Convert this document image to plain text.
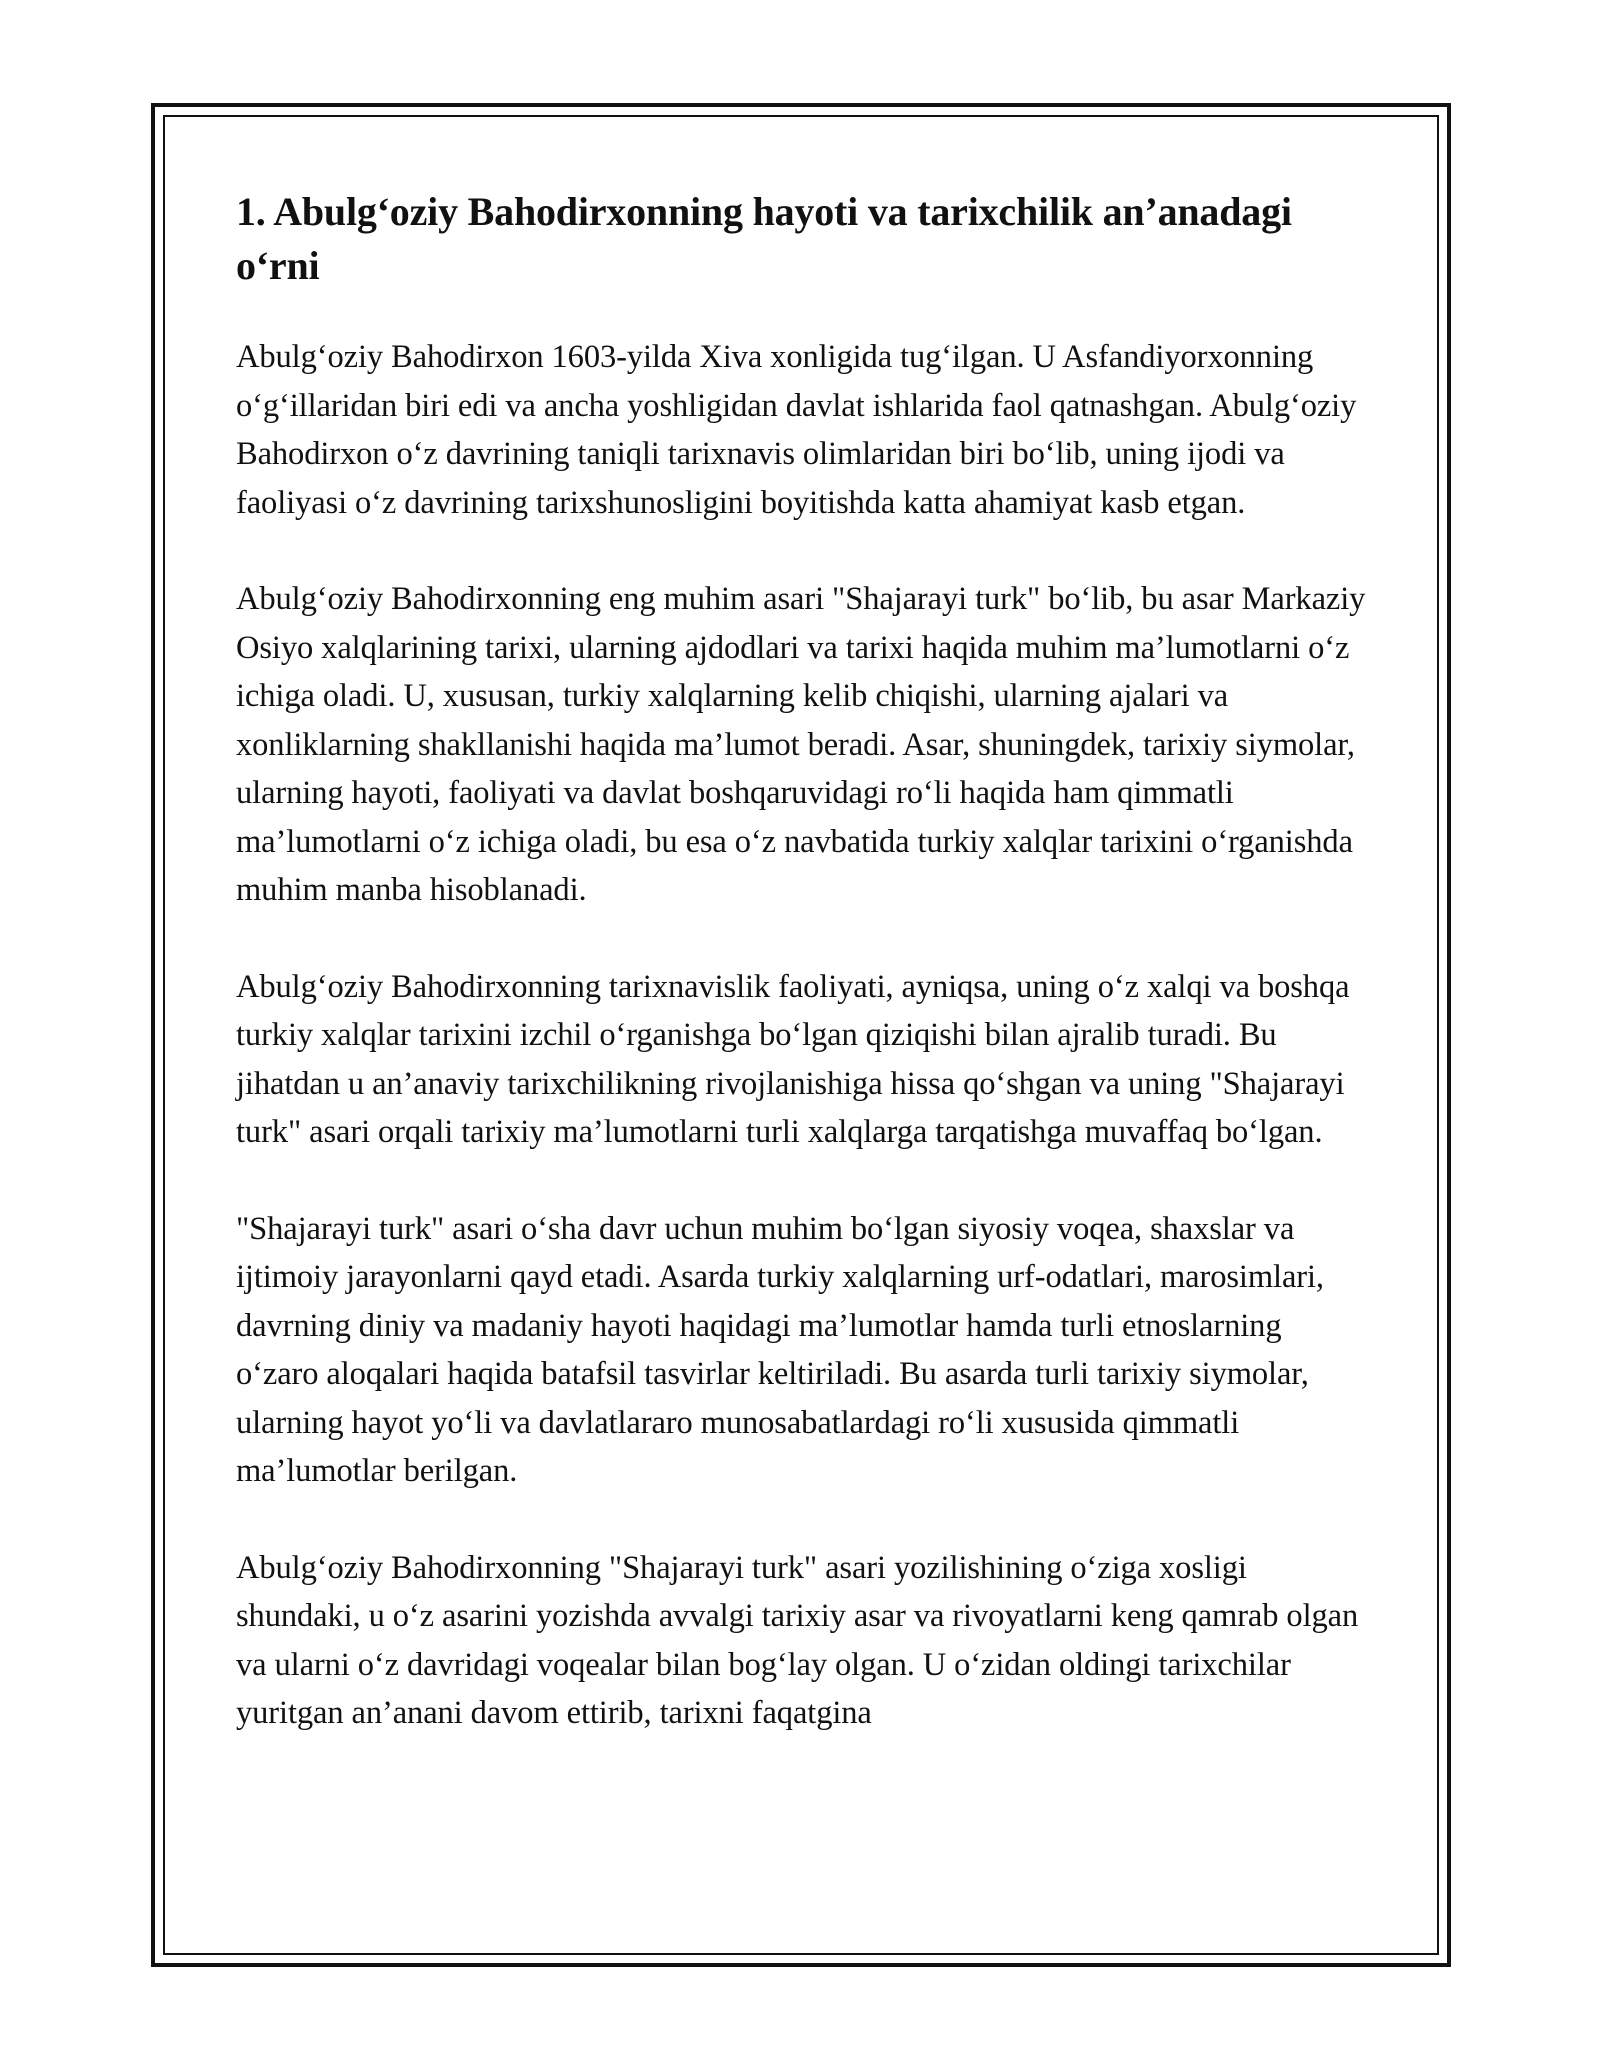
1. Abulg‘oziy Bahodirxonning hayoti va tarixchilik an’anadagi o‘rni

Abulg‘oziy Bahodirxon 1603-yilda Xiva xonligida tug‘ilgan. U Asfandiyorxonning o‘g‘illaridan biri edi va ancha yoshligidan davlat ishlarida faol qatnashgan. Abulg‘oziy Bahodirxon o‘z davrining taniqli tarixnavis olimlaridan biri bo‘lib, uning ijodi va faoliyasi o‘z davrining tarixshunosligini boyitishda katta ahamiyat kasb etgan.

Abulg‘oziy Bahodirxonning eng muhim asari "Shajarayi turk" bo‘lib, bu asar Markaziy Osiyo xalqlarining tarixi, ularning ajdodlari va tarixi haqida muhim ma’lumotlarni o‘z ichiga oladi. U, xususan, turkiy xalqlarning kelib chiqishi, ularning ajalari va xonliklarning shakllanishi haqida ma’lumot beradi. Asar, shuningdek, tarixiy siymolar, ularning hayoti, faoliyati va davlat boshqaruvidagi ro‘li haqida ham qimmatli ma’lumotlarni o‘z ichiga oladi, bu esa o‘z navbatida turkiy xalqlar tarixini o‘rganishda muhim manba hisoblanadi.

Abulg‘oziy Bahodirxonning tarixnavislik faoliyati, ayniqsa, uning o‘z xalqi va boshqa turkiy xalqlar tarixini izchil o‘rganishga bo‘lgan qiziqishi bilan ajralib turadi. Bu jihatdan u an’anaviy tarixchilikning rivojlanishiga hissa qo‘shgan va uning "Shajarayi turk" asari orqali tarixiy ma’lumotlarni turli xalqlarga tarqatishga muvaffaq bo‘lgan.

"Shajarayi turk" asari o‘sha davr uchun muhim bo‘lgan siyosiy voqea, shaxslar va ijtimoiy jarayonlarni qayd etadi. Asarda turkiy xalqlarning urf-odatlari, marosimlari, davrning diniy va madaniy hayoti haqidagi ma’lumotlar hamda turli etnoslarning o‘zaro aloqalari haqida batafsil tasvirlar keltiriladi. Bu asarda turli tarixiy siymolar, ularning hayot yo‘li va davlatlararo munosabatlardagi ro‘li xususida qimmatli ma’lumotlar berilgan.

Abulg‘oziy Bahodirxonning "Shajarayi turk" asari yozilishining o‘ziga xosligi shundaki, u o‘z asarini yozishda avvalgi tarixiy asar va rivoyatlarni keng qamrab olgan va ularni o‘z davridagi voqealar bilan bog‘lay olgan. U o‘zidan oldingi tarixchilar yuritgan an’anani davom ettirib, tarixni faqatgina
